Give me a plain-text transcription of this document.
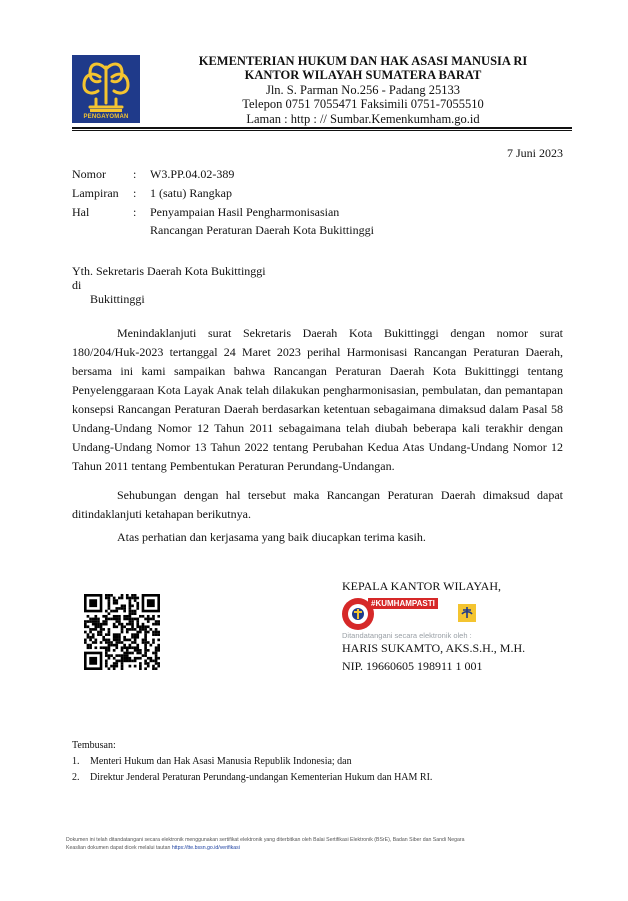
PENGAYOMAN
KEMENTERIAN HUKUM DAN HAK ASASI MANUSIA RI
KANTOR WILAYAH SUMATERA BARAT
Jln. S. Parman No.256 - Padang 25133
Telepon 0751 7055471 Faksimili 0751-7055510
Laman : http : // Sumbar.Kemenkumham.go.id
7 Juni 2023
Nomor : W3.PP.04.02-389
Lampiran : 1 (satu) Rangkap
Hal	: Penyampaian Hasil Pengharmonisasian
Rancangan Peraturan Daerah Kota Bukittinggi
Yth. Sekretaris Daerah Kota Bukittinggi
di
Bukittinggi
Menindaklanjuti surat Sekretaris Daerah Kota Bukittinggi dengan nomor surat 180/204/Huk-2023 tertanggal 24 Maret 2023 perihal Harmonisasi Rancangan Peraturan Daerah, bersama ini kami sampaikan bahwa Rancangan Peraturan Daerah Kota Bukittinggi tentang Penyelenggaraan Kota Layak Anak telah dilakukan pengharmonisasian, pembulatan, dan pemantapan konsepsi Rancangan Peraturan Daerah berdasarkan ketentuan sebagaimana dimaksud dalam Pasal 58 Undang-Undang Nomor 12 Tahun 2011 sebagaimana telah diubah beberapa kali terakhir dengan Undang-Undang Nomor 13 Tahun 2022 tentang Perubahan Kedua Atas Undang-Undang Nomor 12 Tahun 2011 tentang Pembentukan Peraturan Perundang-Undangan.
Sehubungan dengan hal tersebut maka Rancangan Peraturan Daerah dimaksud dapat ditindaklanjuti ketahapan berikutnya.
Atas perhatian dan kerjasama yang baik diucapkan terima kasih.
KEPALA KANTOR WILAYAH,
#KUMHAMPASTI
Ditandatangani secara elektronik oleh :
HARIS SUKAMTO, AKS.S.H., M.H.
NIP. 19660605 198911 1 001
Tembusan:
1. Menteri Hukum dan Hak Asasi Manusia Republik Indonesia; dan
2. Direktur Jenderal Peraturan Perundang-undangan Kementerian Hukum dan HAM RI.
Dokumen ini telah ditandatangani secara elektronik menggunakan sertifikat elektronik yang diterbitkan oleh Balai Sertifikasi Elektronik (BSrE), Badan Siber dan Sandi Negara
Keaslian dokumen dapat dicek melalui tautan https://tte.bssn.go.id/verifikasi
